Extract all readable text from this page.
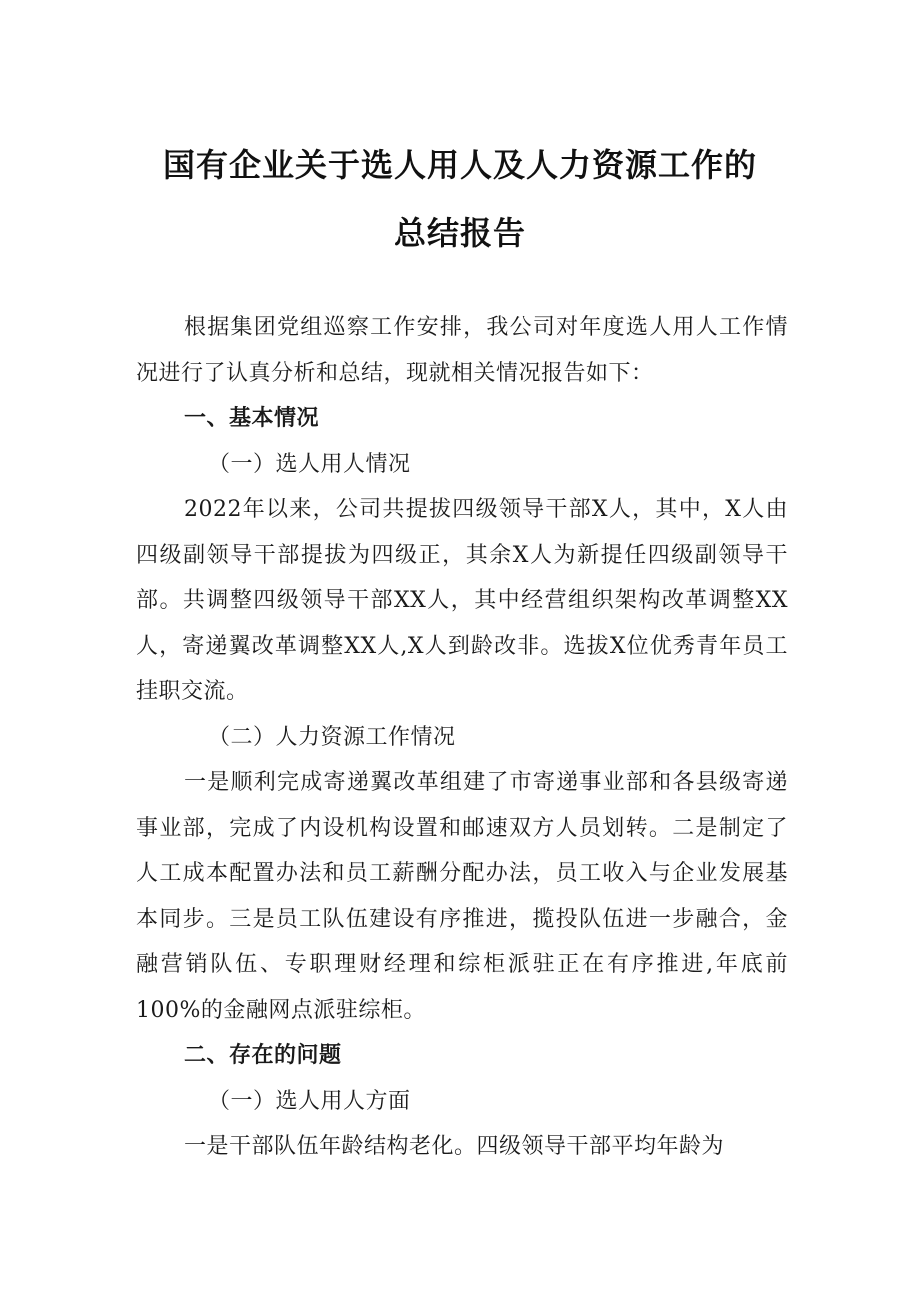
国有企业关于选人用人及人力资源工作的
总结报告

根据集团党组巡察工作安排，我公司对年度选人用人工作情况进行了认真分析和总结，现就相关情况报告如下：

一、基本情况

（一）选人用人情况

2022年以来，公司共提拔四级领导干部X人，其中，X人由四级副领导干部提拔为四级正，其余X人为新提任四级副领导干部。共调整四级领导干部XX人，其中经营组织架构改革调整XX人，寄递翼改革调整XX人,X人到龄改非。选拔X位优秀青年员工挂职交流。

（二）人力资源工作情况

一是顺利完成寄递翼改革组建了市寄递事业部和各县级寄递事业部，完成了内设机构设置和邮速双方人员划转。二是制定了人工成本配置办法和员工薪酬分配办法，员工收入与企业发展基本同步。三是员工队伍建设有序推进，揽投队伍进一步融合，金融营销队伍、专职理财经理和综柜派驻正在有序推进,年底前100%的金融网点派驻综柜。

二、存在的问题

（一）选人用人方面

一是干部队伍年龄结构老化。四级领导干部平均年龄为
